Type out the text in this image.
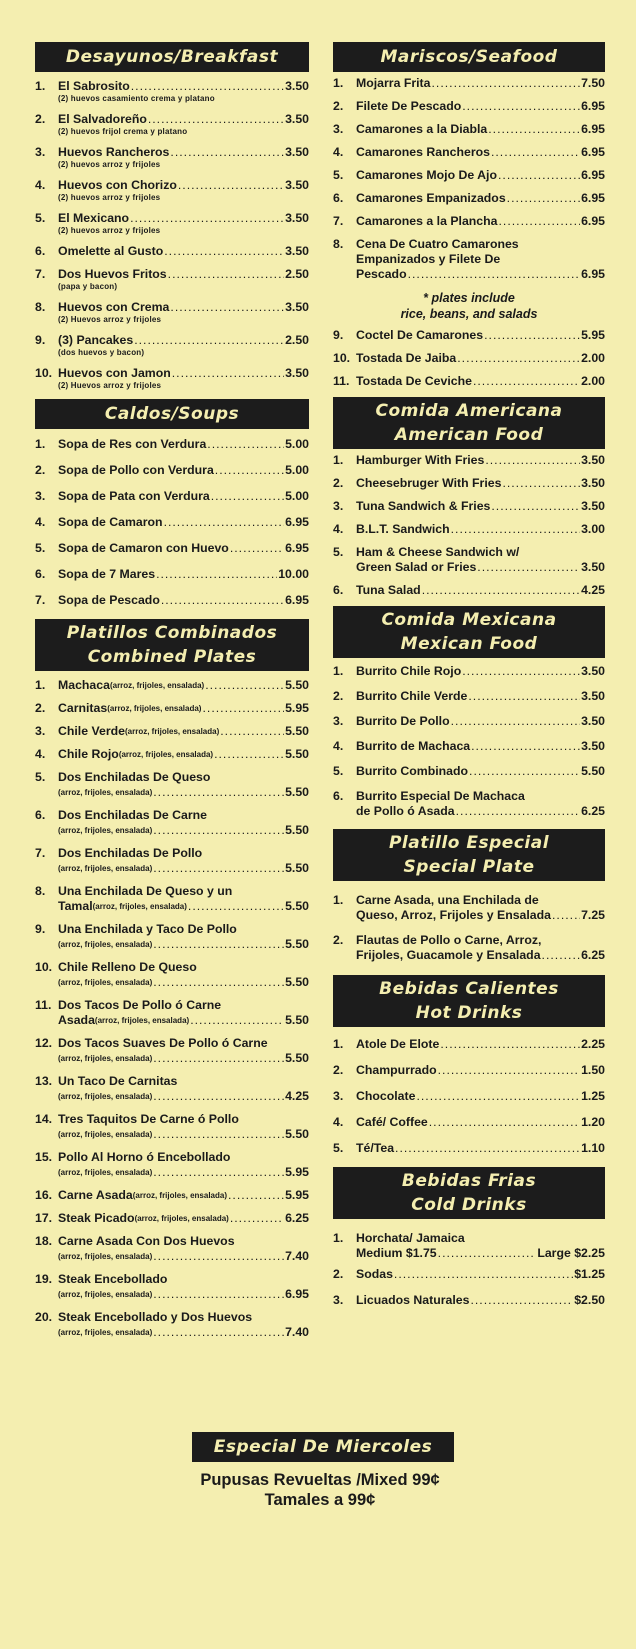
Desayunos/Breakfast
1. El Sabrosito .....	3.50
(2) huevos casamiento crema y platano
2. El Salvadoreño .....	3.50
(2) huevos frijol crema y platano
3. Huevos Rancheros .....	3.50
(2) huevos arroz y frijoles
4. Huevos con Chorizo .....	3.50
(2) huevos arroz y frijoles
5. El Mexicano .....	3.50
(2) huevos arroz y frijoles
6. Omelette al Gusto .....	3.50
7. Dos Huevos Fritos .....	2.50
(papa y bacon)
8. Huevos con Crema .....	3.50
(2) Huevos arroz y frijoles
9. (3) Pancakes .....	2.50
(dos huevos y bacon)
10. Huevos con Jamon .....	3.50
(2) Huevos arroz y frijoles
Caldos/Soups
1. Sopa de Res con Verdura .....	5.00
2. Sopa de Pollo con Verdura .....	5.00
3. Sopa de Pata con Verdura .....	5.00
4. Sopa de Camaron .....	6.95
5. Sopa de Camaron con Huevo .....	6.95
6. Sopa de 7 Mares .....	10.00
7. Sopa de Pescado .....	6.95
Platillos Combinados
Combined Plates
1. Machaca (arroz, frijoles, ensalada) .....	5.50
2. Carnitas (arroz, frijoles, ensalada) .....	5.95
3. Chile Verde (arroz, frijoles, ensalada) .....	5.50
4. Chile Rojo (arroz, frijoles, ensalada) .....	5.50
5. Dos Enchiladas De Queso
(arroz, frijoles, ensalada) .....	5.50
6. Dos Enchiladas De Carne
(arroz, frijoles, ensalada) .....	5.50
7. Dos Enchiladas De Pollo
(arroz, frijoles, ensalada) .....	5.50
8. Una Enchilada De Queso y un
Tamal (arroz, frijoles, ensalada) .....	5.50
9. Una Enchilada y Taco De Pollo
(arroz, frijoles, ensalada) .....	5.50
10. Chile Relleno De Queso
(arroz, frijoles, ensalada) .....	5.50
11. Dos Tacos De Pollo ó Carne
Asada (arroz, frijoles, ensalada) .....	5.50
12. Dos Tacos Suaves De Pollo ó Carne
(arroz, frijoles, ensalada) .....	5.50
13. Un Taco De Carnitas
(arroz, frijoles, ensalada) .....	4.25
14. Tres Taquitos De Carne ó Pollo
(arroz, frijoles, ensalada) .....	5.50
15. Pollo Al Horno ó Encebollado
(arroz, frijoles, ensalada) .....	5.95
16. Carne Asada (arroz, frijoles, ensalada) .....	5.95
17. Steak Picado (arroz, frijoles, ensalada) .....	6.25
18. Carne Asada Con Dos Huevos
(arroz, frijoles, ensalada) .....	7.40
19. Steak Encebollado
(arroz, frijoles, ensalada) .....	6.95
20. Steak Encebollado y Dos Huevos
(arroz, frijoles, ensalada) .....	7.40
Mariscos/Seafood
1. Mojarra Frita .....	7.50
2. Filete De Pescado .....	6.95
3. Camarones a la Diabla .....	6.95
4. Camarones Rancheros .....	6.95
5. Camarones Mojo De Ajo .....	6.95
6. Camarones Empanizados .....	6.95
7. Camarones a la Plancha .....	6.95
8. Cena De Cuatro Camarones
Empanizados y Filete De
Pescado .....	6.95
* plates include
rice, beans, and salads
9. Coctel De Camarones .....	5.95
10. Tostada De Jaiba .....	2.00
11. Tostada De Ceviche .....	2.00
Comida Americana
American Food
1. Hamburger With Fries .....	3.50
2. Cheesebruger With Fries .....	3.50
3. Tuna Sandwich & Fries .....	3.50
4. B.L.T. Sandwich .....	3.00
5. Ham & Cheese Sandwich w/
Green Salad or Fries .....	3.50
6. Tuna Salad .....	4.25
Comida Mexicana
Mexican Food
1. Burrito Chile Rojo .....	3.50
2. Burrito Chile Verde .....	3.50
3. Burrito De Pollo .....	3.50
4. Burrito de Machaca .....	3.50
5. Burrito Combinado .....	5.50
6. Burrito Especial De Machaca
de Pollo ó Asada .....	6.25
Platillo Especial
Special Plate
1. Carne Asada, una Enchilada de
Queso, Arroz, Frijoles y Ensalada ..... 7.25
2. Flautas de Pollo o Carne, Arroz,
Frijoles, Guacamole y Ensalada .....	6.25
Bebidas Calientes
Hot Drinks
1. Atole De Elote .....	2.25
2. Champurrado .....	1.50
3. Chocolate .....	1.25
4. Café/ Coffee .....	1.20
5. Té/Tea .....	1.10
Bebidas Frias
Cold Drinks
1. Horchata/ Jamaica
Medium $1.75 .....	Large $2.25
2. Sodas .....	$1.25
3. Licuados Naturales .....	$2.50
Especial De Miercoles
Pupusas Revueltas /Mixed 99¢
Tamales a 99¢
